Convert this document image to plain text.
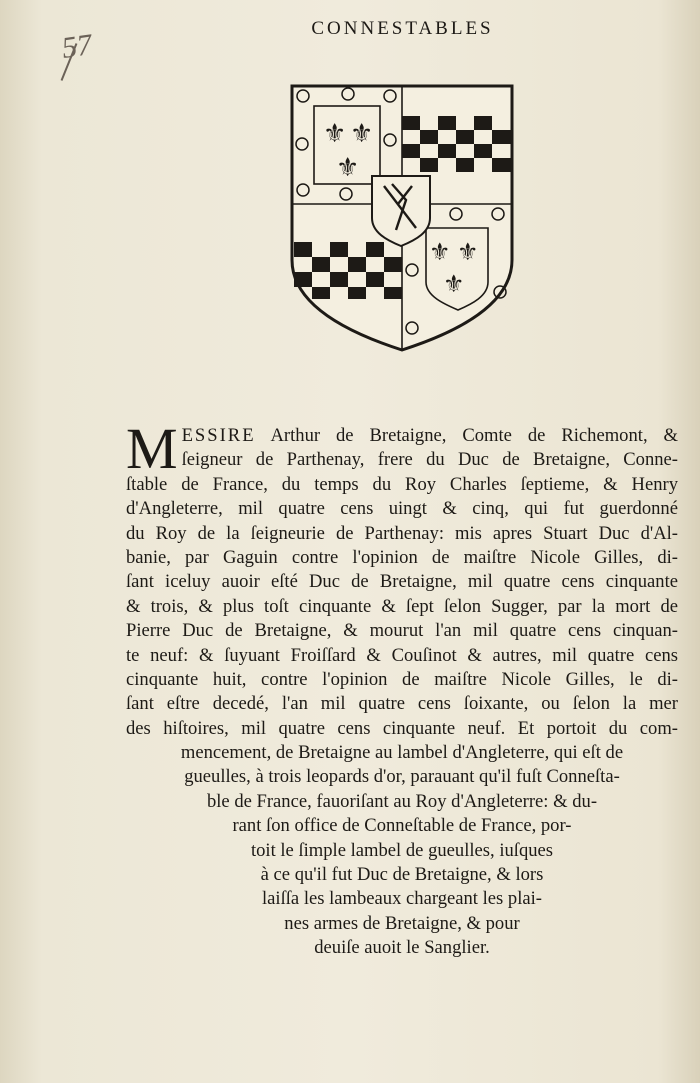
57	CONNESTABLES
⚜ ⚜
⚜
⚜ ⚜
⚜
MESSIRE Arthur de Bretaigne, Comte de Richemont, &
ſeigneur de Parthenay, frere du Duc de Bretaigne, Conne-
ſtable de France, du temps du Roy Charles ſeptieme, & Henry
d'Angleterre, mil quatre cens uingt & cinq, qui fut guerdonné
du Roy de la ſeigneurie de Parthenay: mis apres Stuart Duc d'Al-
banie, par Gaguin contre l'opinion de maiſtre Nicole Gilles, di-
ſant iceluy auoir eſté Duc de Bretaigne, mil quatre cens cinquante
& trois, & plus toſt cinquante & ſept ſelon Sugger, par la mort de
Pierre Duc de Bretaigne, & mourut l'an mil quatre cens cinquan-
te neuf: & ſuyuant Froiſſard & Couſinot & autres, mil quatre cens
cinquante huit, contre l'opinion de maiſtre Nicole Gilles, le di-
ſant eſtre decedé, l'an mil quatre cens ſoixante, ou ſelon la mer
des hiſtoires, mil quatre cens cinquante neuf. Et portoit du com-
mencement, de Bretaigne au lambel d'Angleterre, qui eſt de
gueulles, à trois leopards d'or, parauant qu'il fuſt Conneſta-
ble de France, fauoriſant au Roy d'Angleterre: & du-
rant ſon office de Conneſtable de France, por-
toit le ſimple lambel de gueulles, iuſques
à ce qu'il fut Duc de Bretaigne, & lors
laiſſa les lambeaux chargeant les plai-
nes armes de Bretaigne, & pour
deuiſe auoit le Sanglier.
